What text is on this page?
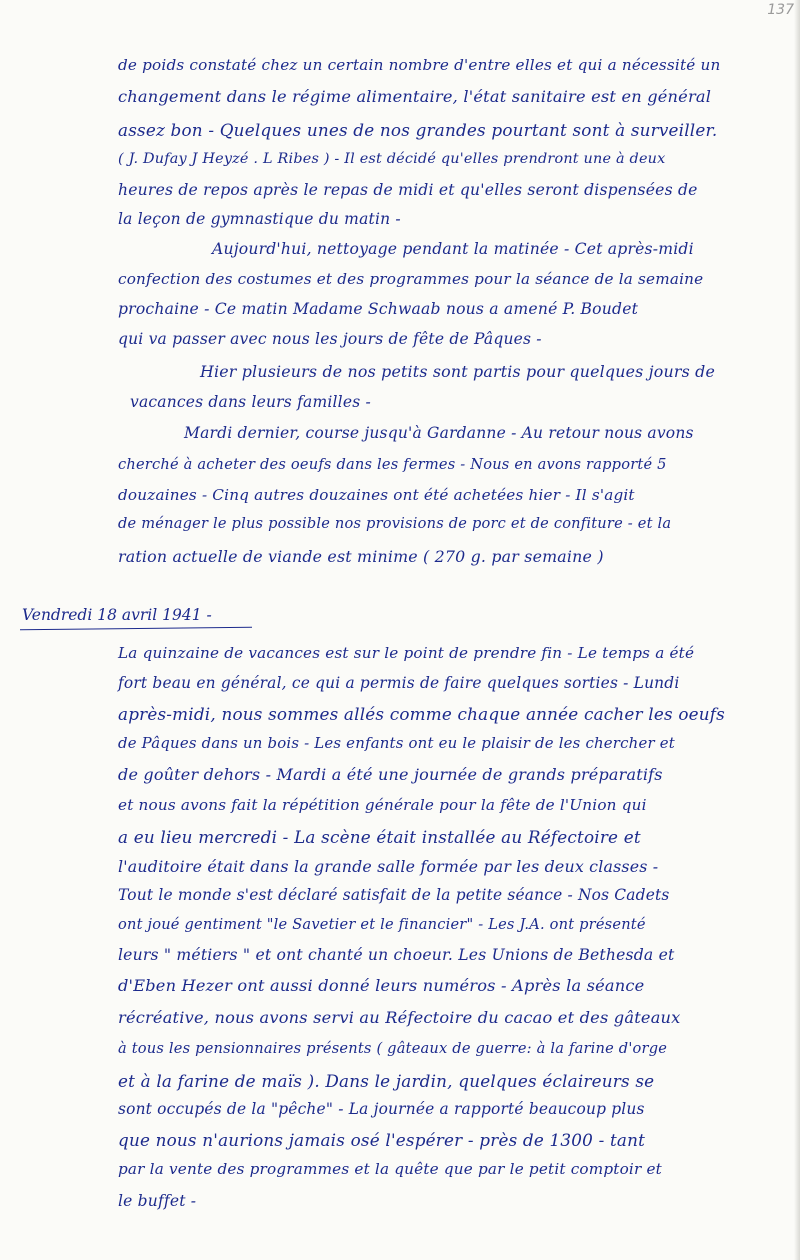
137
de poids constaté chez un certain nombre d'entre elles et qui a nécessité un
changement dans le régime alimentaire, l'état sanitaire est en général
assez bon - Quelques unes de nos grandes pourtant sont à surveiller.
( J. Dufay J Heyzé . L Ribes ) - Il est décidé qu'elles prendront une à deux
heures de repos après le repas de midi et qu'elles seront dispensées de
la leçon de gymnastique du matin -
Aujourd'hui, nettoyage pendant la matinée - Cet après-midi
confection des costumes et des programmes pour la séance de la semaine
prochaine - Ce matin Madame Schwaab nous a amené P. Boudet
qui va passer avec nous les jours de fête de Pâques -
Hier plusieurs de nos petits sont partis pour quelques jours de
vacances dans leurs familles -
Mardi dernier, course jusqu'à Gardanne - Au retour nous avons
cherché à acheter des oeufs dans les fermes - Nous en avons rapporté 5
douzaines - Cinq autres douzaines ont été achetées hier - Il s'agit
de ménager le plus possible nos provisions de porc et de confiture - et la
ration actuelle de viande est minime ( 270 g. par semaine )
Vendredi 18 avril 1941 -
La quinzaine de vacances est sur le point de prendre fin - Le temps a été
fort beau en général, ce qui a permis de faire quelques sorties - Lundi
après-midi, nous sommes allés comme chaque année cacher les oeufs
de Pâques dans un bois - Les enfants ont eu le plaisir de les chercher et
de goûter dehors - Mardi a été une journée de grands préparatifs
et nous avons fait la répétition générale pour la fête de l'Union qui
a eu lieu mercredi - La scène était installée au Réfectoire et
l'auditoire était dans la grande salle formée par les deux classes -
Tout le monde s'est déclaré satisfait de la petite séance - Nos Cadets
ont joué gentiment "le Savetier et le financier" - Les J.A. ont présenté
leurs " métiers " et ont chanté un choeur. Les Unions de Bethesda et
d'Eben Hezer ont aussi donné leurs numéros - Après la séance
récréative, nous avons servi au Réfectoire du cacao et des gâteaux
à tous les pensionnaires présents ( gâteaux de guerre: à la farine d'orge
et à la farine de maïs ). Dans le jardin, quelques éclaireurs se
sont occupés de la "pêche" - La journée a rapporté beaucoup plus
que nous n'aurions jamais osé l'espérer - près de 1300 - tant
par la vente des programmes et la quête que par le petit comptoir et
le buffet -
